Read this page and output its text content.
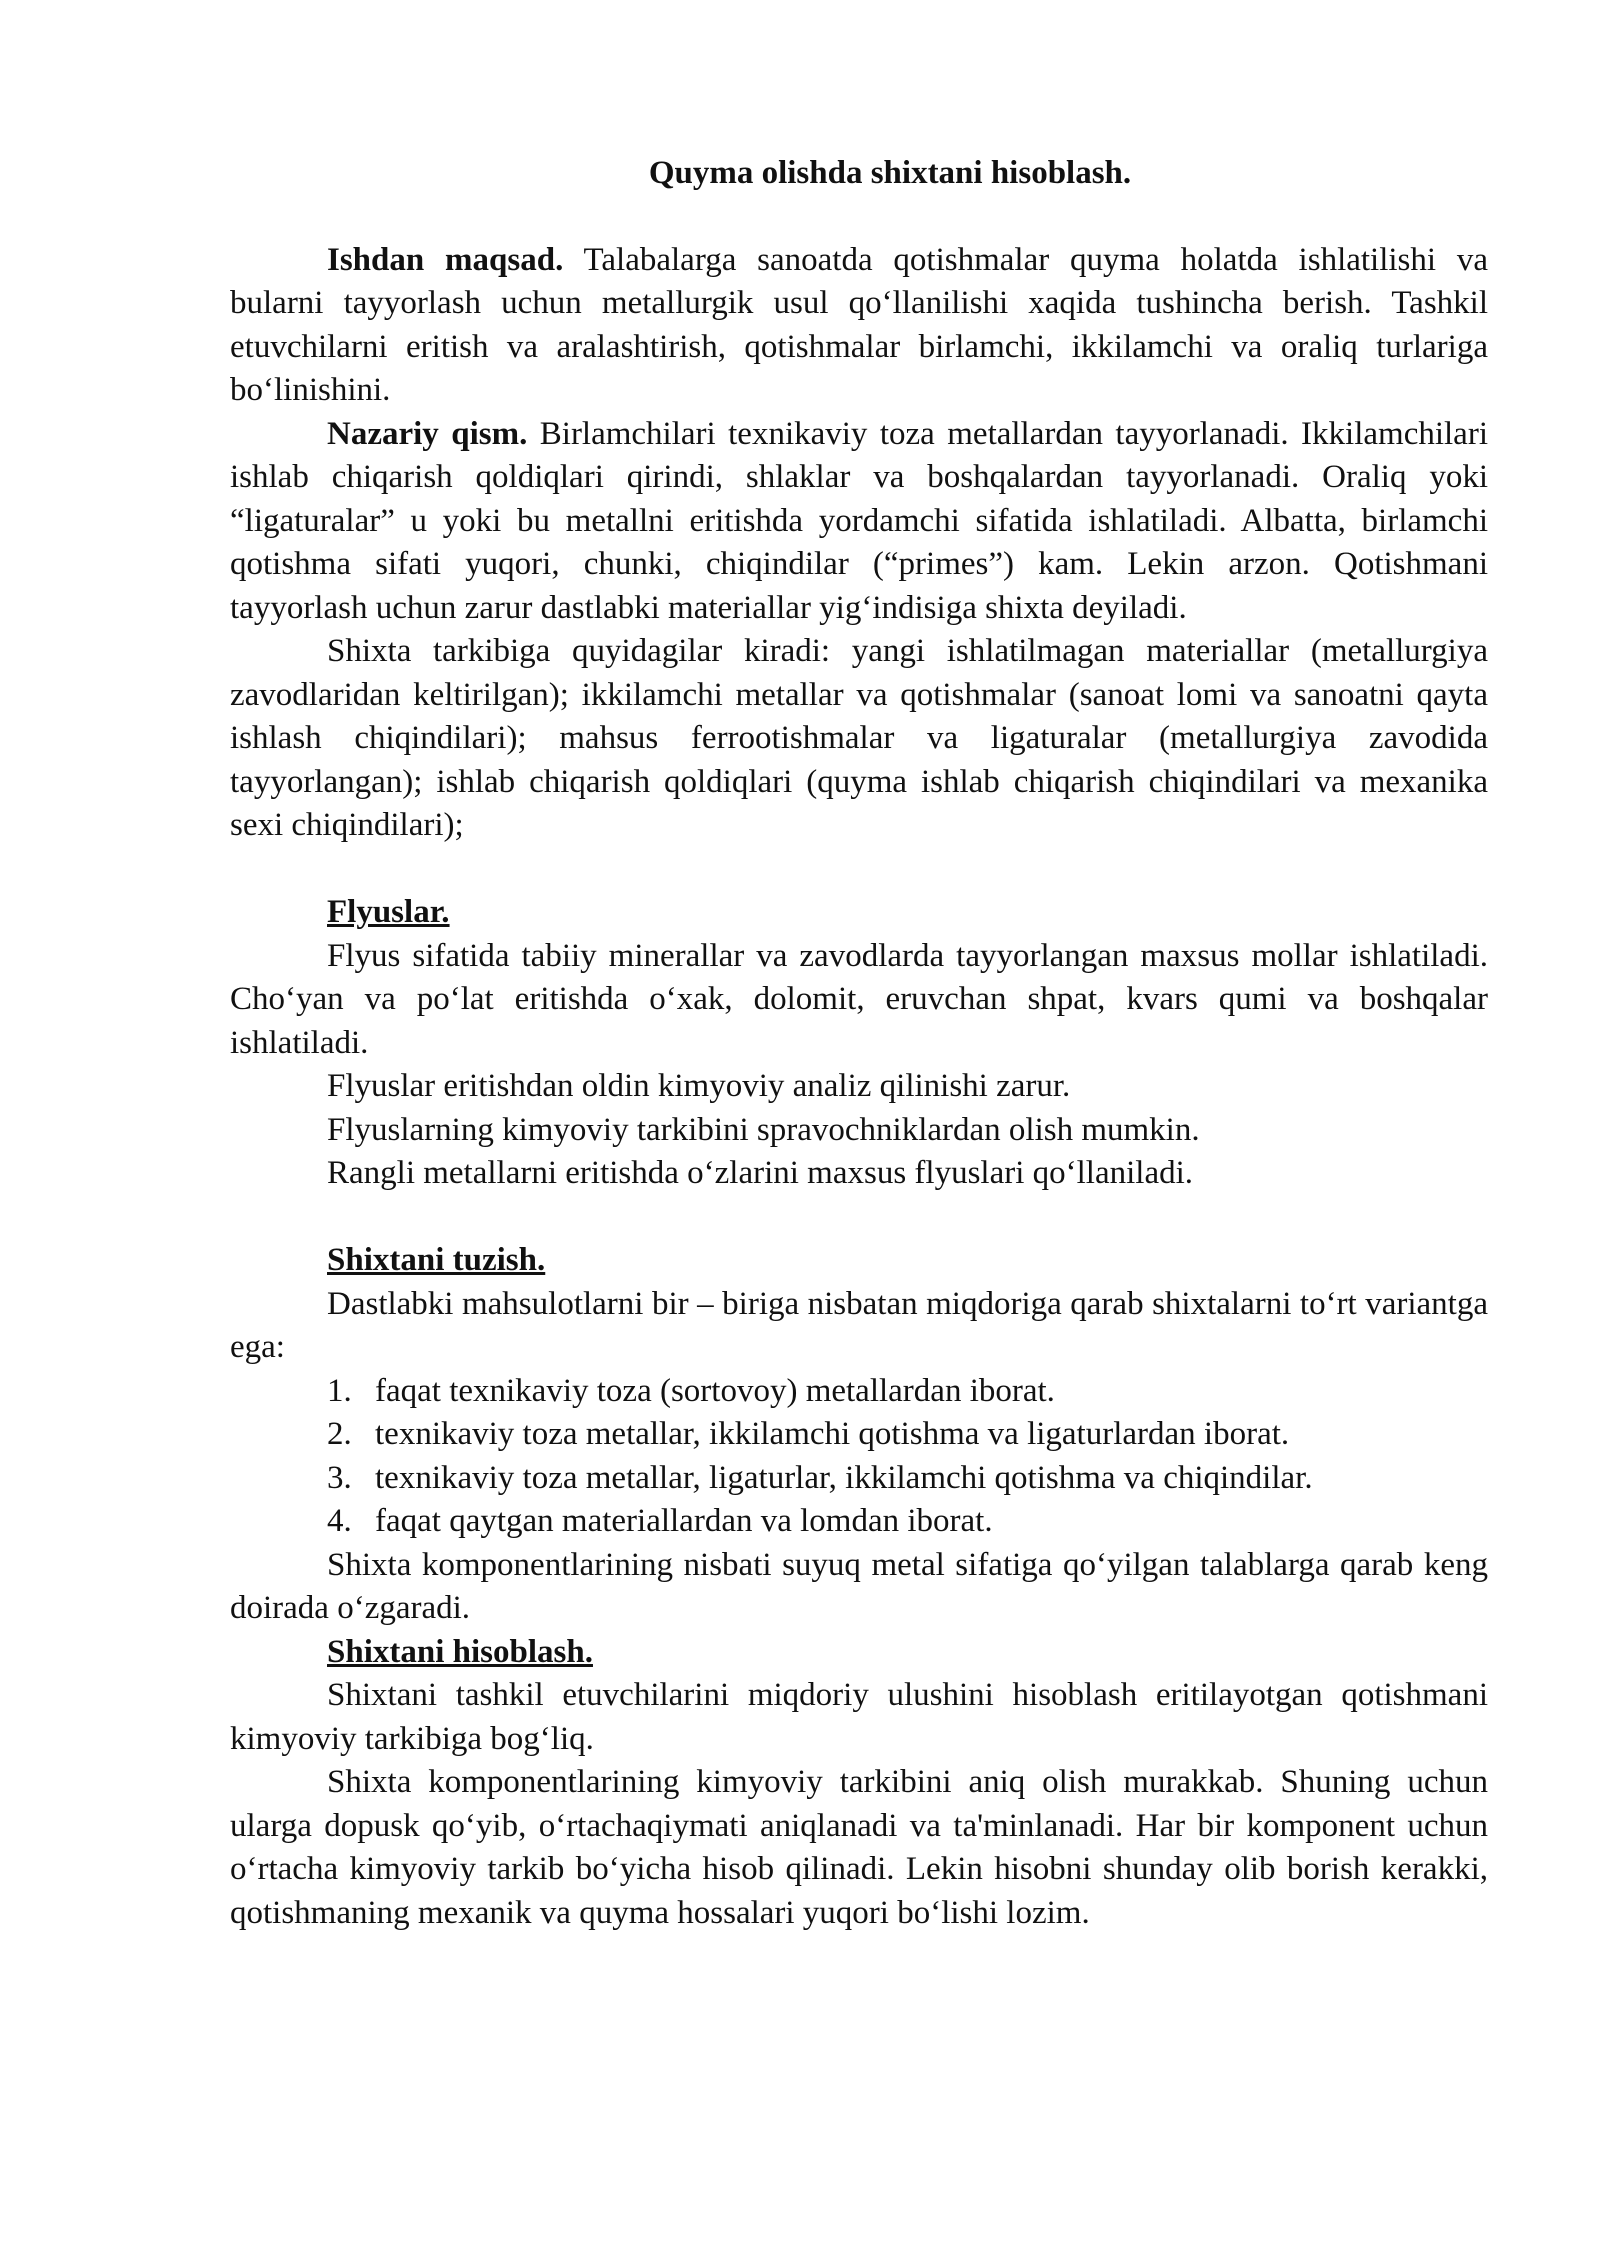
Quyma olishda shixtani hisoblash.

Ishdan maqsad. Talabalarga sanoatda qotishmalar quyma holatda ishlatilishi va bularni tayyorlash uchun metallurgik usul qo‘llanilishi xaqida tushincha berish. Tashkil etuvchilarni eritish va aralashtirish, qotishmalar birlamchi, ikkilamchi va oraliq turlariga bo‘linishini.

Nazariy qism. Birlamchilari texnikaviy toza metallardan tayyorlanadi. Ikkilamchilari ishlab chiqarish qoldiqlari qirindi, shlaklar va boshqalardan tayyorlanadi. Oraliq yoki “ligaturalar” u yoki bu metallni eritishda yordamchi sifatida ishlatiladi. Albatta, birlamchi qotishma sifati yuqori, chunki, chiqindilar (“primes”) kam. Lekin arzon. Qotishmani tayyorlash uchun zarur dastlabki materiallar yig‘indisiga shixta deyiladi.

Shixta tarkibiga quyidagilar kiradi: yangi ishlatilmagan materiallar (metallurgiya zavodlaridan keltirilgan); ikkilamchi metallar va qotishmalar (sanoat lomi va sanoatni qayta ishlash chiqindilari); mahsus ferrootishmalar va ligaturalar (metallurgiya zavodida tayyorlangan); ishlab chiqarish qoldiqlari (quyma ishlab chiqarish chiqindilari va mexanika sexi chiqindilari);

Flyuslar.

Flyus sifatida tabiiy minerallar va zavodlarda tayyorlangan maxsus mollar ishlatiladi. Cho‘yan va po‘lat eritishda o‘xak, dolomit, eruvchan shpat, kvars qumi va boshqalar ishlatiladi.

Flyuslar eritishdan oldin kimyoviy analiz qilinishi zarur.

Flyuslarning kimyoviy tarkibini spravochniklardan olish mumkin.

Rangli metallarni eritishda o‘zlarini maxsus flyuslari qo‘llaniladi.

Shixtani tuzish.

Dastlabki mahsulotlarni bir – biriga nisbatan miqdoriga qarab shixtalarni to‘rt variantga ega:

1. faqat texnikaviy toza (sortovoy) metallardan iborat.
2. texnikaviy toza metallar, ikkilamchi qotishma va ligaturlardan iborat.
3. texnikaviy toza metallar, ligaturlar, ikkilamchi qotishma va chiqindilar.
4. faqat qaytgan materiallardan va lomdan iborat.

Shixta komponentlarining nisbati suyuq metal sifatiga qo‘yilgan talablarga qarab keng doirada o‘zgaradi.

Shixtani hisoblash.

Shixtani tashkil etuvchilarini miqdoriy ulushini hisoblash eritilayotgan qotishmani kimyoviy tarkibiga bog‘liq.

Shixta komponentlarining kimyoviy tarkibini aniq olish murakkab. Shuning uchun ularga dopusk qo‘yib, o‘rtachaqiymati aniqlanadi va ta'minlanadi. Har bir komponent uchun o‘rtacha kimyoviy tarkib bo‘yicha hisob qilinadi. Lekin hisobni shunday olib borish kerakki, qotishmaning mexanik va quyma hossalari yuqori bo‘lishi lozim.
